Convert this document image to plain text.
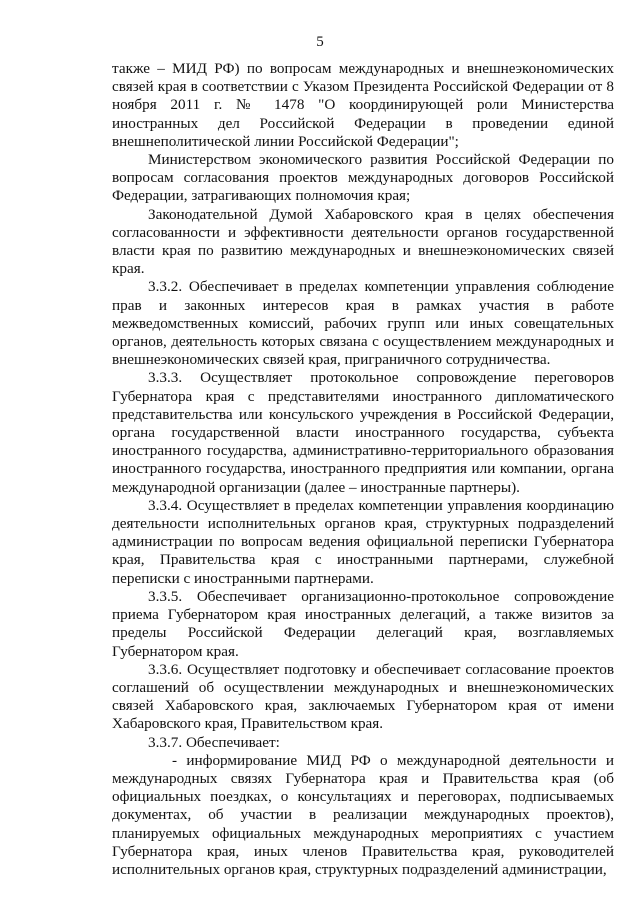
5

также – МИД РФ) по вопросам международных и внешнеэкономических связей края в соответствии с Указом Президента Российской Федерации от 8 ноября 2011 г. № 1478 "О координирующей роли Министерства иностранных дел Российской Федерации в проведении единой внешнеполитической линии Российской Федерации";

Министерством экономического развития Российской Федерации по вопросам согласования проектов международных договоров Российской Федерации, затрагивающих полномочия края;

Законодательной Думой Хабаровского края в целях обеспечения согласованности и эффективности деятельности органов государственной власти края по развитию международных и внешнеэкономических связей края.

3.3.2. Обеспечивает в пределах компетенции управления соблюдение прав и законных интересов края в рамках участия в работе межведомственных комиссий, рабочих групп или иных совещательных органов, деятельность которых связана с осуществлением международных и внешнеэкономических связей края, приграничного сотрудничества.

3.3.3. Осуществляет протокольное сопровождение переговоров Губернатора края с представителями иностранного дипломатического представительства или консульского учреждения в Российской Федерации, органа государственной власти иностранного государства, субъекта иностранного государства, административно-территориального образования иностранного государства, иностранного предприятия или компании, органа международной организации (далее – иностранные партнеры).

3.3.4. Осуществляет в пределах компетенции управления координацию деятельности исполнительных органов края, структурных подразделений администрации по вопросам ведения официальной переписки Губернатора края, Правительства края с иностранными партнерами, служебной переписки с иностранными партнерами.

3.3.5. Обеспечивает организационно-протокольное сопровождение приема Губернатором края иностранных делегаций, а также визитов за пределы Российской Федерации делегаций края, возглавляемых Губернатором края.

3.3.6. Осуществляет подготовку и обеспечивает согласование проектов соглашений об осуществлении международных и внешнеэкономических связей Хабаровского края, заключаемых Губернатором края от имени Хабаровского края, Правительством края.

3.3.7. Обеспечивает:

- информирование МИД РФ о международной деятельности и международных связях Губернатора края и Правительства края (об официальных поездках, о консультациях и переговорах, подписываемых документах, об участии в реализации международных проектов), планируемых официальных международных мероприятиях с участием Губернатора края, иных членов Правительства края, руководителей исполнительных органов края, структурных подразделений администрации,
